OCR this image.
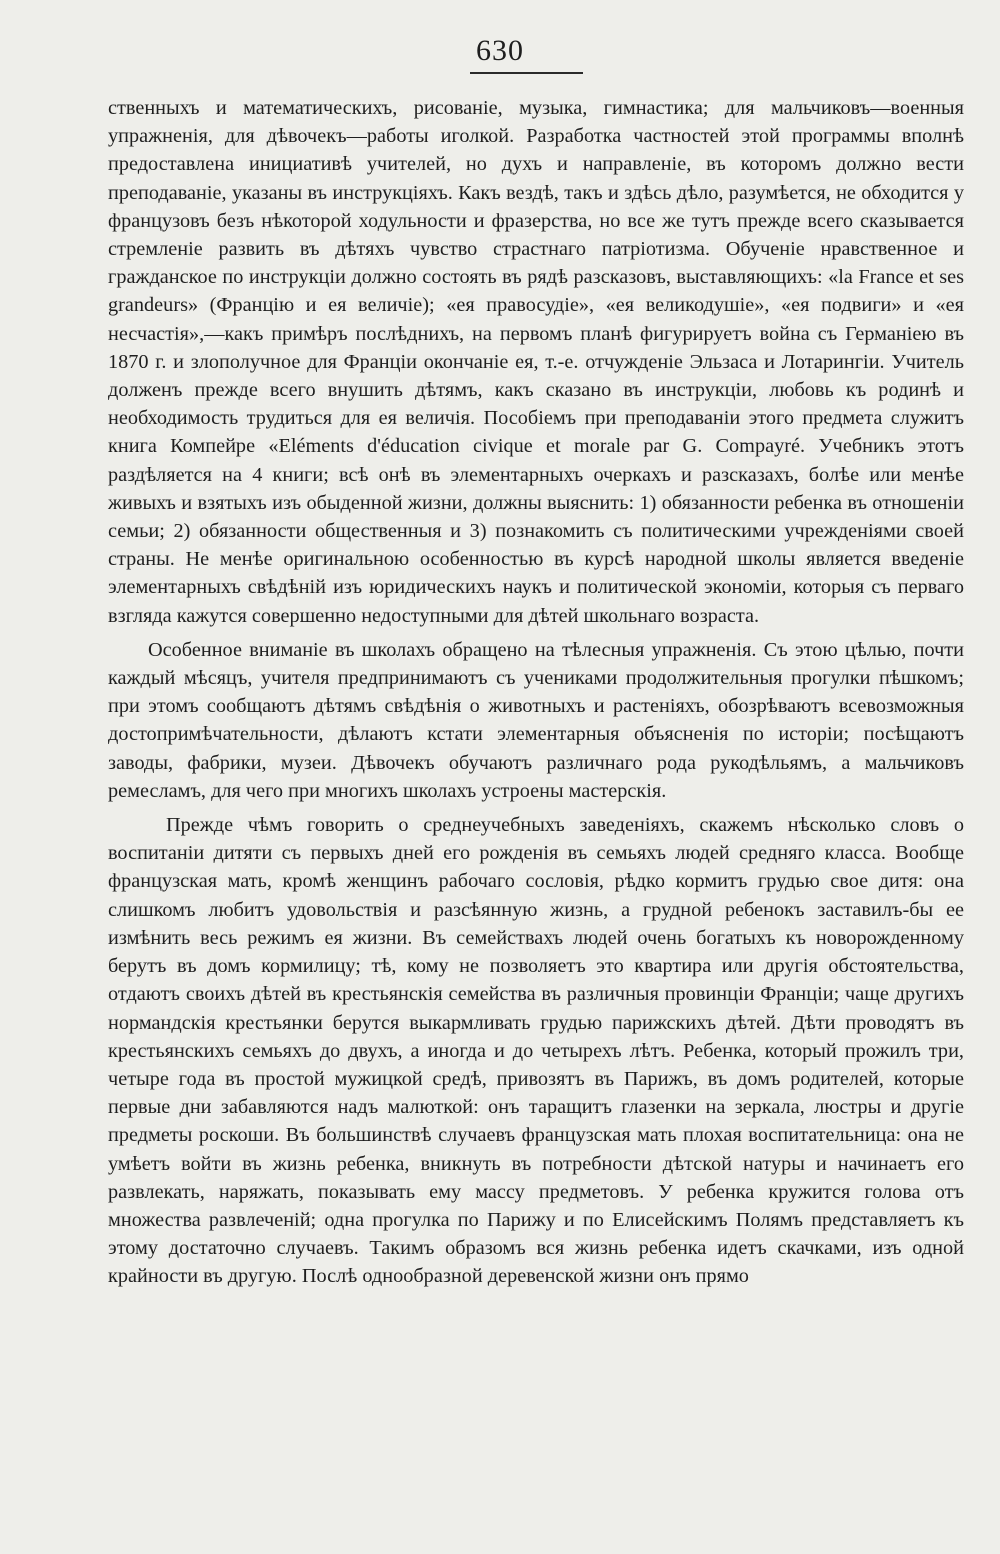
630

ственныхъ и математическихъ, рисованіе, музыка, гимнастика; для мальчиковъ—военныя упражненія, для дѣвочекъ—работы иголкой. Разработка частностей этой программы вполнѣ предоставлена инициативѣ учителей, но духъ и направленіе, въ которомъ должно вести преподаваніе, указаны въ инструкціяхъ. Какъ вездѣ, такъ и здѣсь дѣло, разумѣется, не обходится у французовъ безъ нѣкоторой ходульности и фразерства, но все же тутъ прежде всего сказывается стремленіе развить въ дѣтяхъ чувство страстнаго патріотизма. Обученіе нравственное и гражданское по инструкціи должно состоять въ рядѣ разсказовъ, выставляющихъ: «la France et ses grandeurs» (Францію и ея величіе); «ея правосудіе», «ея великодушіе», «ея подвиги» и «ея несчастія»,—какъ примѣръ послѣднихъ, на первомъ планѣ фигурируетъ война съ Германіею въ 1870 г. и злополучное для Франціи окончаніе ея, т.-е. отчужденіе Эльзаса и Лотарингіи. Учитель долженъ прежде всего внушить дѣтямъ, какъ сказано въ инструкціи, любовь къ родинѣ и необходимость трудиться для ея величія. Пособіемъ при преподаваніи этого предмета служитъ книга Компейре «Eléments d'éducation civique et morale par G. Compayré. Учебникъ этотъ раздѣляется на 4 книги; всѣ онѣ въ элементарныхъ очеркахъ и разсказахъ, болѣе или менѣе живыхъ и взятыхъ изъ обыденной жизни, должны выяснить: 1) обязанности ребенка въ отношеніи семьи; 2) обязанности общественныя и 3) познакомить съ политическими учрежденіями своей страны. Не менѣе оригинальною особенностью въ курсѣ народной школы является введеніе элементарныхъ свѣдѣній изъ юридическихъ наукъ и политической экономіи, которыя съ перваго взгляда кажутся совершенно недоступными для дѣтей школьнаго возраста.

Особенное вниманіе въ школахъ обращено на тѣлесныя упражненія. Съ этою цѣлью, почти каждый мѣсяцъ, учителя предпринимаютъ съ учениками продолжительныя прогулки пѣшкомъ; при этомъ сообщаютъ дѣтямъ свѣдѣнія о животныхъ и растеніяхъ, обозрѣваютъ всевозможныя достопримѣчательности, дѣлаютъ кстати элементарныя объясненія по исторіи; посѣщаютъ заводы, фабрики, музеи. Дѣвочекъ обучаютъ различнаго рода рукодѣльямъ, а мальчиковъ ремесламъ, для чего при многихъ школахъ устроены мастерскія.

Прежде чѣмъ говорить о среднеучебныхъ заведеніяхъ, скажемъ нѣсколько словъ о воспитаніи дитяти съ первыхъ дней его рожденія въ семьяхъ людей средняго класса. Вообще французская мать, кромѣ женщинъ рабочаго сословія, рѣдко кормитъ грудью свое дитя: она слишкомъ любитъ удовольствія и разсѣянную жизнь, а грудной ребенокъ заставилъ-бы ее измѣнить весь режимъ ея жизни. Въ семействахъ людей очень богатыхъ къ новорожденному берутъ въ домъ кормилицу; тѣ, кому не позволяетъ это квартира или другія обстоятельства, отдаютъ своихъ дѣтей въ крестьянскія семейства въ различныя провинціи Франціи; чаще другихъ нормандскія крестьянки берутся выкармливать грудью парижскихъ дѣтей. Дѣти проводятъ въ крестьянскихъ семьяхъ до двухъ, а иногда и до четырехъ лѣтъ. Ребенка, который прожилъ три, четыре года въ простой мужицкой средѣ, привозятъ въ Парижъ, въ домъ родителей, которые первые дни забавляются надъ малюткой: онъ таращитъ глазенки на зеркала, люстры и другіе предметы роскоши. Въ большинствѣ случаевъ французская мать плохая воспитательница: она не умѣетъ войти въ жизнь ребенка, вникнуть въ потребности дѣтской натуры и начинаетъ его развлекать, наряжать, показывать ему массу предметовъ. У ребенка кружится голова отъ множества развлеченій; одна прогулка по Парижу и по Елисейскимъ Полямъ представляетъ къ этому достаточно случаевъ. Такимъ образомъ вся жизнь ребенка идетъ скачками, изъ одной крайности въ другую. Послѣ однообразной деревенской жизни онъ прямо
